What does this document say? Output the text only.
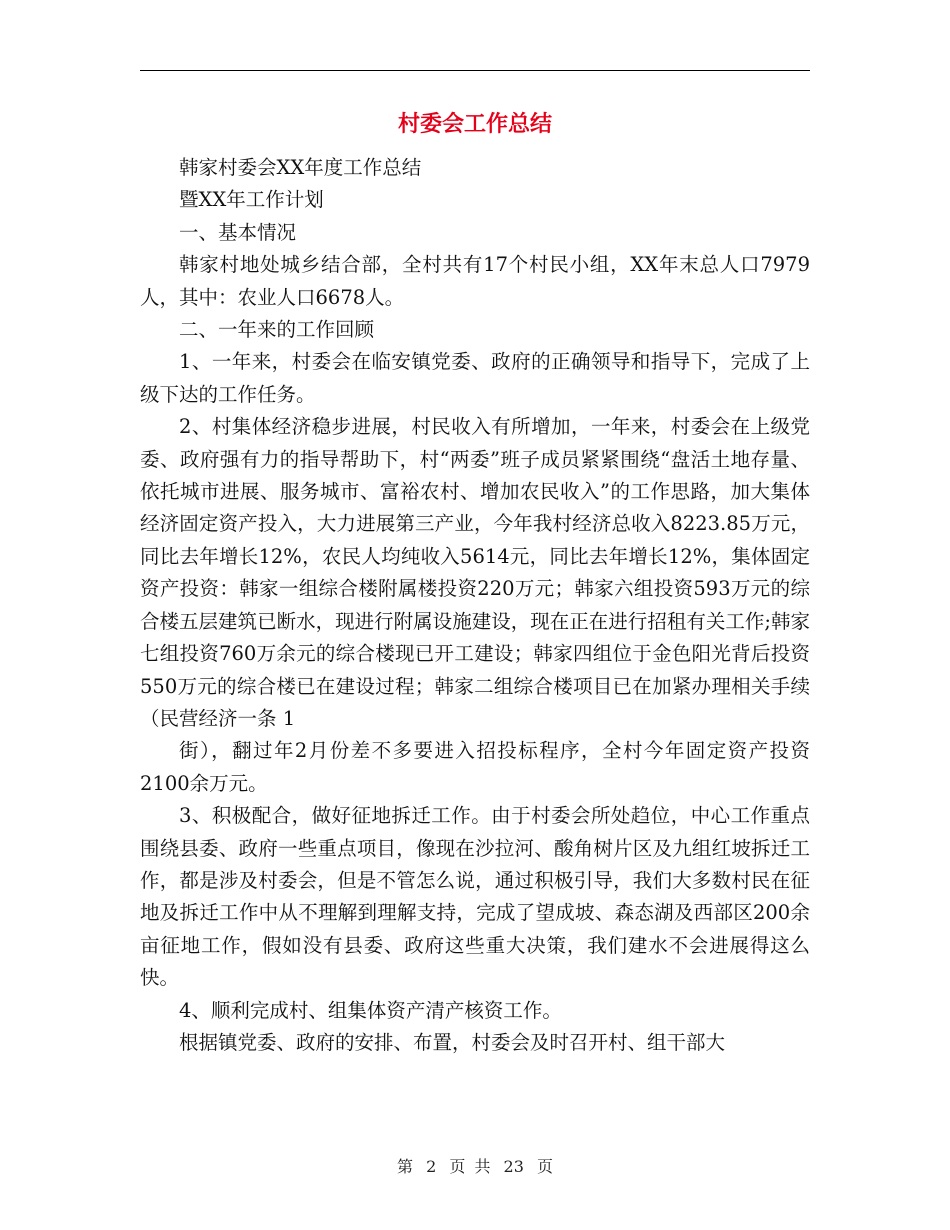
村委会工作总结

韩家村委会XX年度工作总结

暨XX年工作计划

一、基本情况

韩家村地处城乡结合部，全村共有17个村民小组，XX年末总人口7979人，其中：农业人口6678人。

二、一年来的工作回顾

1、一年来，村委会在临安镇党委、政府的正确领导和指导下，完成了上级下达的工作任务。

2、村集体经济稳步进展，村民收入有所增加，一年来，村委会在上级党委、政府强有力的指导帮助下，村“两委”班子成员紧紧围绕“盘活土地存量、依托城市进展、服务城市、富裕农村、增加农民收入”的工作思路，加大集体经济固定资产投入，大力进展第三产业，今年我村经济总收入8223.85万元，同比去年增长12%，农民人均纯收入5614元，同比去年增长12%，集体固定资产投资：韩家一组综合楼附属楼投资220万元；韩家六组投资593万元的综合楼五层建筑已断水，现进行附属设施建设，现在正在进行招租有关工作;韩家七组投资760万余元的综合楼现已开工建设；韩家四组位于金色阳光背后投资550万元的综合楼已在建设过程；韩家二组综合楼项目已在加紧办理相关手续（民营经济一条 1

街），翻过年2月份差不多要进入招投标程序，全村今年固定资产投资2100余万元。

3、积极配合，做好征地拆迁工作。由于村委会所处趋位，中心工作重点围绕县委、政府一些重点项目，像现在沙拉河、酸角树片区及九组红坡拆迁工作，都是涉及村委会，但是不管怎么说，通过积极引导，我们大多数村民在征地及拆迁工作中从不理解到理解支持，完成了望成坡、森态湖及西部区200余亩征地工作，假如没有县委、政府这些重大决策，我们建水不会进展得这么快。

4、顺利完成村、组集体资产清产核资工作。

根据镇党委、政府的安排、布置，村委会及时召开村、组干部大

第 2 页 共 23 页
